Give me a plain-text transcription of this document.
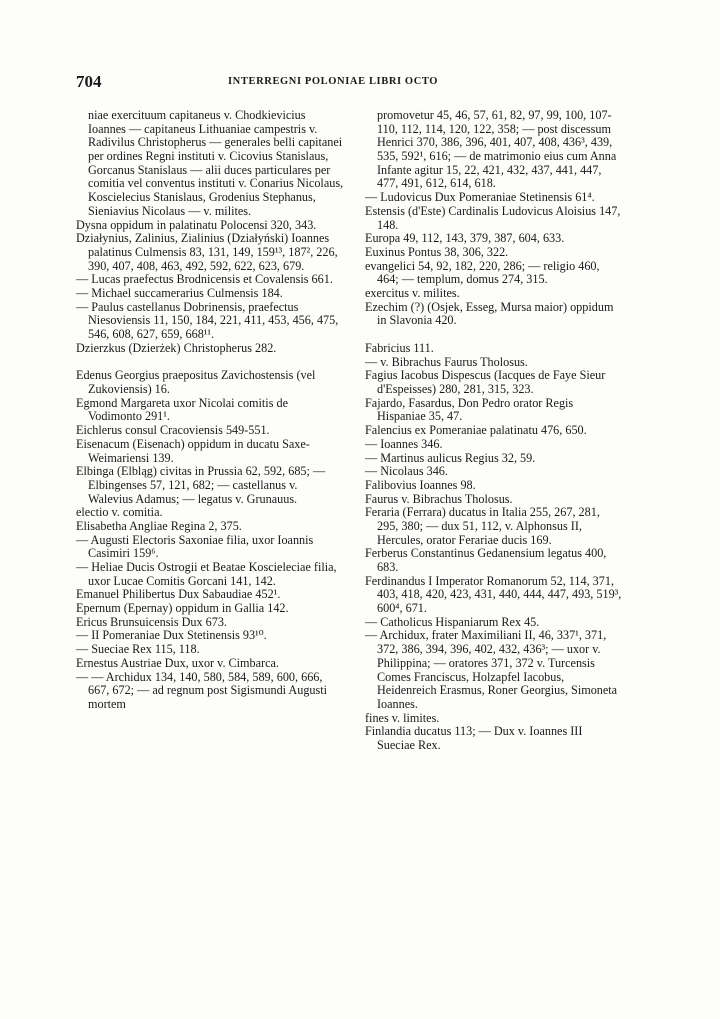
704	INTERREGNI POLONIAE LIBRI OCTO

niae exercituum capitaneus v. Chodkievicius Ioannes — capitaneus Lithuaniae campestris v. Radivilus Christopherus — generales belli capitanei per ordines Regni instituti v. Cicovius Stanislaus, Gorcanus Stanislaus — alii duces particulares per comitia vel conventus instituti v. Conarius Nicolaus, Koscielecius Stanislaus, Grodenius Stephanus, Sieniavius Nicolaus — v. milites.

Dysna oppidum in palatinatu Polocensi 320, 343.

Działynius, Zalinius, Zialinius (Działyński) Ioannes palatinus Culmensis 83, 131, 149, 159¹³, 187², 226, 390, 407, 408, 463, 492, 592, 622, 623, 679.

— Lucas praefectus Brodnicensis et Covalensis 661.

— Michael succamerarius Culmensis 184.

— Paulus castellanus Dobrinensis, praefectus Niesoviensis 11, 150, 184, 221, 411, 453, 456, 475, 546, 608, 627, 659, 668¹¹.

Dzierzkus (Dzierżek) Christopherus 282.

Edenus Georgius praepositus Zavichostensis (vel Zukoviensis) 16.

Egmond Margareta uxor Nicolai comitis de Vodimonto 291¹.

Eichlerus consul Cracoviensis 549-551.

Eisenacum (Eisenach) oppidum in ducatu Saxe-Weimariensi 139.

Elbinga (Elbląg) civitas in Prussia 62, 592, 685; — Elbingenses 57, 121, 682; — castellanus v. Walevius Adamus; — legatus v. Grunauus.

electio v. comitia.

Elisabetha Angliae Regina 2, 375.

— Augusti Electoris Saxoniae filia, uxor Ioannis Casimiri 159⁶.

— Heliae Ducis Ostrogii et Beatae Koscieleciae filia, uxor Lucae Comitis Gorcani 141, 142.

Emanuel Philibertus Dux Sabaudiae 452¹.

Epernum (Epernay) oppidum in Gallia 142.

Ericus Brunsuicensis Dux 673.

— II Pomeraniae Dux Stetinensis 93¹⁰.

— Sueciae Rex 115, 118.

Ernestus Austriae Dux, uxor v. Cimbarca.

— — Archidux 134, 140, 580, 584, 589, 600, 666, 667, 672; — ad regnum post Sigismundi Augusti mortem

promovetur 45, 46, 57, 61, 82, 97, 99, 100, 107-110, 112, 114, 120, 122, 358; — post discessum Henrici 370, 386, 396, 401, 407, 408, 436³, 439, 535, 592¹, 616; — de matrimonio eius cum Anna Infante agitur 15, 22, 421, 432, 437, 441, 447, 477, 491, 612, 614, 618.

— Ludovicus Dux Pomeraniae Stetinensis 61⁴.

Estensis (d'Este) Cardinalis Ludovicus Aloisius 147, 148.

Europa 49, 112, 143, 379, 387, 604, 633.

Euxinus Pontus 38, 306, 322.

evangelici 54, 92, 182, 220, 286; — religio 460, 464; — templum, domus 274, 315.

exercitus v. milites.

Ezechim (?) (Osjek, Esseg, Mursa maior) oppidum in Slavonia 420.

Fabricius 111.

— v. Bibrachus Faurus Tholosus.

Fagius Iacobus Dispescus (Iacques de Faye Sieur d'Espeisses) 280, 281, 315, 323.

Fajardo, Fasardus, Don Pedro orator Regis Hispaniae 35, 47.

Falencius ex Pomeraniae palatinatu 476, 650.

— Ioannes 346.

— Martinus aulicus Regius 32, 59.

— Nicolaus 346.

Falibovius Ioannes 98.

Faurus v. Bibrachus Tholosus.

Feraria (Ferrara) ducatus in Italia 255, 267, 281, 295, 380; — dux 51, 112, v. Alphonsus II, Hercules, orator Ferariae ducis 169.

Ferberus Constantinus Gedanensium legatus 400, 683.

Ferdinandus I Imperator Romanorum 52, 114, 371, 403, 418, 420, 423, 431, 440, 444, 447, 493, 519³, 600⁴, 671.

— Catholicus Hispaniarum Rex 45.

— Archidux, frater Maximiliani II, 46, 337¹, 371, 372, 386, 394, 396, 402, 432, 436³; — uxor v. Philippina; — oratores 371, 372 v. Turcensis Comes Franciscus, Holzapfel Iacobus, Heidenreich Erasmus, Roner Georgius, Simoneta Ioannes.

fines v. limites.

Finlandia ducatus 113; — Dux v. Ioannes III Sueciae Rex.
